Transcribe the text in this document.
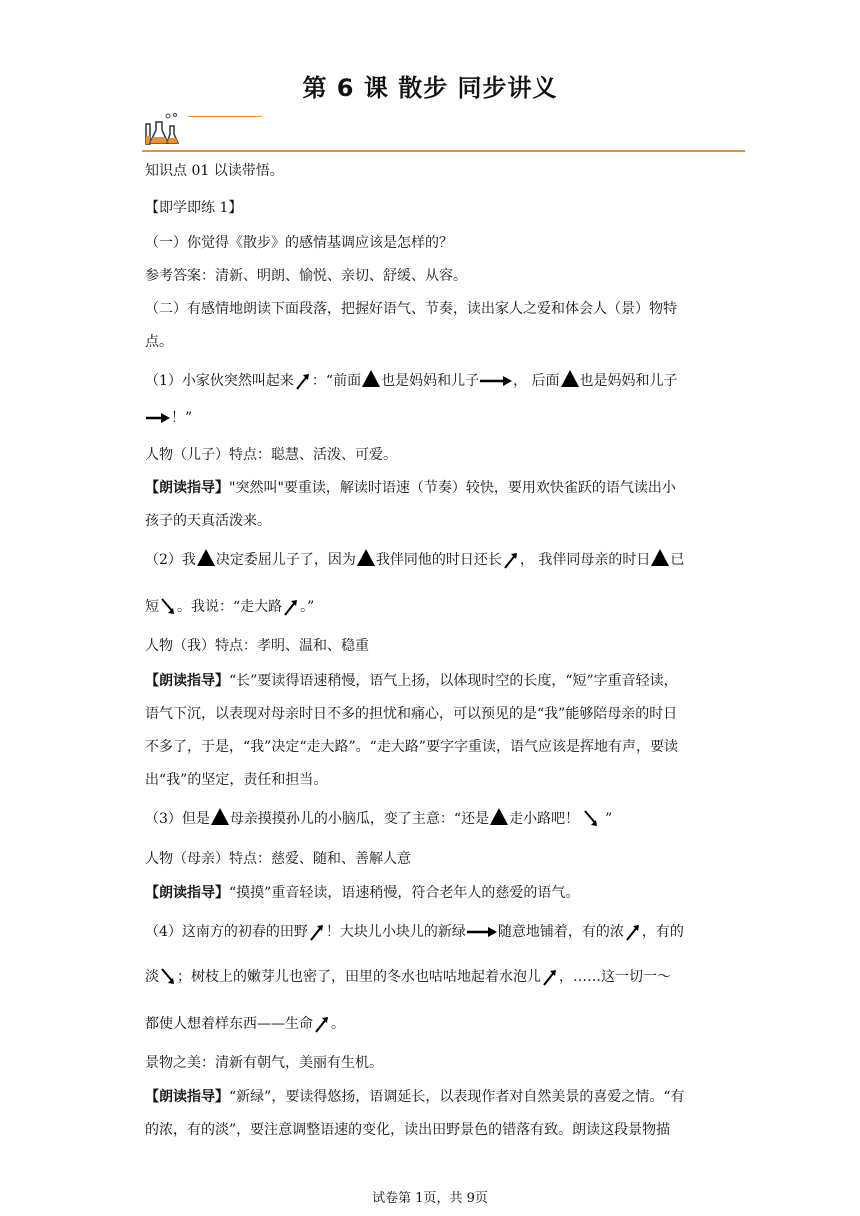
第 6 课 散步 同步讲义
知识点 01 以读带悟。
【即学即练 1】
（一）你觉得《散步》的感情基调应该是怎样的？
参考答案：清新、明朗、愉悦、亲切、舒缓、从容。
（二）有感情地朗读下面段落，把握好语气、节奏，读出家人之爱和体会人（景）物特
点。
（1）小家伙突然叫起来 ：“前面 也是妈妈和儿子 ， 后面 也是妈妈和儿子
！”
人物（儿子）特点：聪慧、活泼、可爱。
【朗读指导】"突然叫"要重读，解读时语速（节奏）较快，要用欢快雀跃的语气读出小
孩子的天真活泼来。
（2）我 决定委屈儿子了，因为 我伴同他的时日还长 ， 我伴同母亲的时日 已
短 。我说：“走大路 。”
人物（我）特点：孝明、温和、稳重
【朗读指导】“长”要读得语速稍慢，语气上扬，以体现时空的长度，“短”字重音轻读，
语气下沉，以表现对母亲时日不多的担忧和痛心，可以预见的是“我”能够陪母亲的时日
不多了，于是，“我”决定“走大路”。“走大路”要字字重读，语气应该是挥地有声，要读
出“我”的坚定，责任和担当。
（3）但是 母亲摸摸孙儿的小脑瓜，变了主意：“还是 走小路吧！ ”
人物（母亲）特点：慈爱、随和、善解人意
【朗读指导】“摸摸”重音轻读，语速稍慢，符合老年人的慈爱的语气。
（4）这南方的初春的田野 ！大块儿小块儿的新绿 随意地铺着，有的浓 ，有的
淡 ；树枝上的嫩芽儿也密了，田里的冬水也咕咕地起着水泡儿 ，……这一切一～
都使人想着样东西——生命 。
景物之美：清新有朝气，美丽有生机。
【朗读指导】“新绿”，要读得悠扬，语调延长，以表现作者对自然美景的喜爱之情。“有
的浓，有的淡”，要注意调整语速的变化，读出田野景色的错落有致。朗读这段景物描
试卷第 1页，共 9页
